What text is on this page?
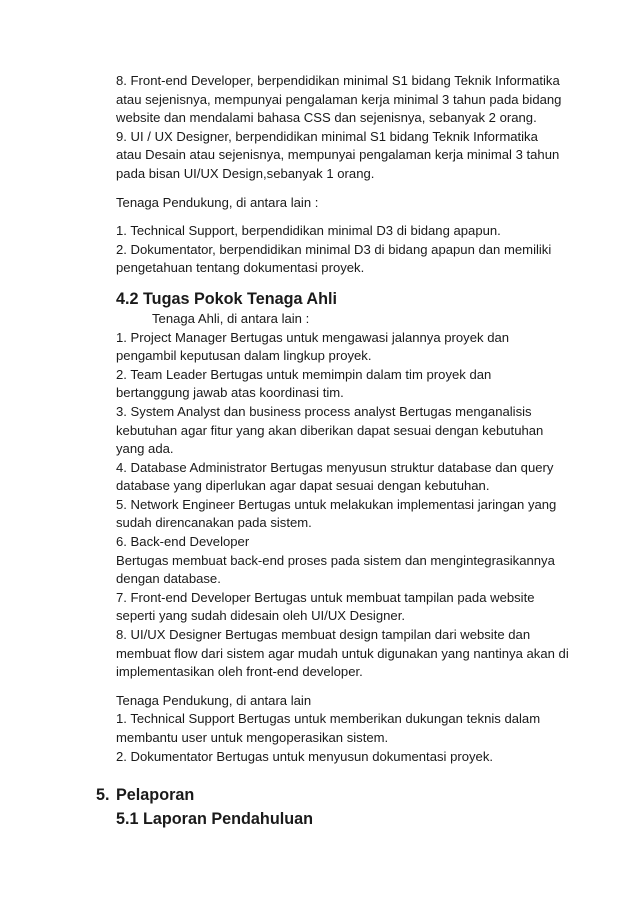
8. Front-end Developer, berpendidikan minimal S1 bidang Teknik Informatika
atau sejenisnya, mempunyai pengalaman kerja minimal 3 tahun pada bidang
website dan mendalami bahasa CSS dan sejenisnya, sebanyak 2 orang.
9. UI / UX Designer, berpendidikan minimal S1 bidang Teknik Informatika
atau Desain atau sejenisnya, mempunyai pengalaman kerja minimal 3 tahun
pada bisan UI/UX Design,sebanyak 1 orang.
Tenaga Pendukung, di antara lain :
1. Technical Support, berpendidikan minimal D3 di bidang apapun.
2. Dokumentator, berpendidikan minimal D3 di bidang apapun dan memiliki
pengetahuan tentang dokumentasi proyek.
4.2 Tugas Pokok Tenaga Ahli
Tenaga Ahli, di antara lain :
1. Project Manager Bertugas untuk mengawasi jalannya proyek dan
pengambil keputusan dalam lingkup proyek.
2. Team Leader Bertugas untuk memimpin dalam tim proyek dan
bertanggung jawab atas koordinasi tim.
3. System Analyst dan business process analyst Bertugas menganalisis
kebutuhan agar fitur yang akan diberikan dapat sesuai dengan kebutuhan
yang ada.
4. Database Administrator Bertugas menyusun struktur database dan query
database yang diperlukan agar dapat sesuai dengan kebutuhan.
5. Network Engineer Bertugas untuk melakukan implementasi jaringan yang
sudah direncanakan pada sistem.
6. Back-end Developer
Bertugas membuat back-end proses pada sistem dan mengintegrasikannya
dengan database.
7. Front-end Developer Bertugas untuk membuat tampilan pada website
seperti yang sudah didesain oleh UI/UX Designer.
8. UI/UX Designer Bertugas membuat design tampilan dari website dan
membuat flow dari sistem agar mudah untuk digunakan yang nantinya akan di
implementasikan oleh front-end developer.
Tenaga Pendukung, di antara lain
1. Technical Support Bertugas untuk memberikan dukungan teknis dalam
membantu user untuk mengoperasikan sistem.
2. Dokumentator Bertugas untuk menyusun dokumentasi proyek.
5. Pelaporan
5.1 Laporan Pendahuluan
